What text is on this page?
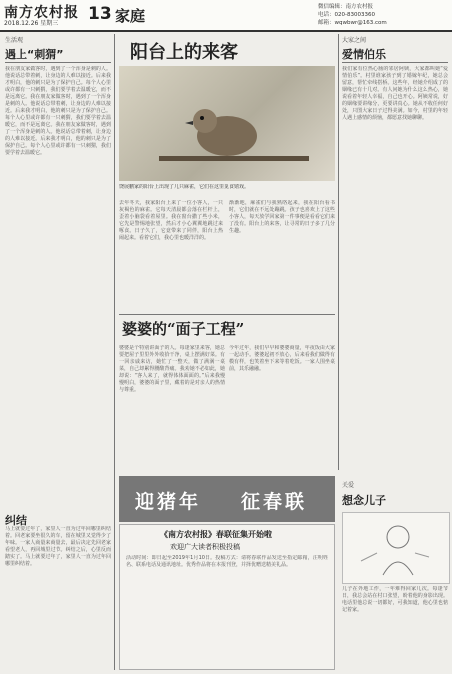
南方农村报
2018.12.26 星期三 13 家庭	微信编辑：南方农村报
电话：020-83003360
邮箱：wqwbwr@163.com
生活观
遇上“刺猬”
我在朋友家做客时，遇到了一个浑身是刺的人。他说话总带着刺，让身边的人难以接近。后来我才明白，他的刺只是为了保护自己。每个人心里或许都有一只刺猬，我们要学着去温暖它，而不是远离它。我在朋友家做客时，遇到了一个浑身是刺的人。他说话总带着刺，让身边的人难以接近。后来我才明白，他的刺只是为了保护自己。每个人心里或许都有一只刺猬，我们要学着去温暖它，而不是远离它。我在朋友家做客时，遇到了一个浑身是刺的人。他说话总带着刺，让身边的人难以接近。后来我才明白，他的刺只是为了保护自己。每个人心里或许都有一只刺猬，我们要学着去温暖它。
纠结
马上就要过年了，家里人一直为过年回哪里纠结着。回老家要坐很久的车，留在城里又觉得少了年味。一家人商量来商量去，最后决定先回老家看望老人，再回城里过节。纠结之后，心里反而踏实了。马上就要过年了，家里人一直为过年回哪里纠结着。
阳台上的来客
饶展鹏家的阳台上出现了几只麻雀，它们在这里觅食嬉戏。
去年冬天，我家阳台上来了一位小客人，一只灰褐色的麻雀。它每天清晨都会落在栏杆上，歪着小脑袋看着屋里。我在窗台撒了些小米，它先是警惕地张望，然后才小心翼翼地跳过来啄食。日子久了，它竟带来了同伴，阳台上热闹起来。看着它们，我心里也暖洋洋的。
渐渐地，麻雀们与我熟络起来，我在阳台看书时，它们就在不远处蹦跳。孩子也喜欢上了这些小客人，每天放学回家第一件事便是看看它们来了没有。阳台上的来客，让寻常的日子多了几分生趣。
婆婆的“面子工程”
婆婆是个特别讲面子的人。每逢家里来客，她总要把屋子里里外外收拾干净，桌上摆满好菜。有一回亲戚来访，她忙了一整天，做了满满一桌菜，自己却累得腰酸背痛。我劝她不必如此，她却说：“客人来了，就得体体面面的。”后来我慢慢明白，婆婆的面子里，藏着的是对亲人的热情与尊重。
今年过年，我们早早和婆婆商量，年夜饭由大家一起动手。婆婆起初不放心，后来看我们做得有模有样，也笑着坐下来等着吃饭。一家人围坐桌前，其乐融融。
大家之间
爱情伯乐
我们家有位热心肠的邻居阿姨，大家都叫她“爱情伯乐”。村里谁家孩子到了婚嫁年纪，她总会留意，帮忙牵线搭桥。这些年，经她介绍成了的姻缘已有十几对。有人问她为什么这么热心，她说看着年轻人幸福，自己也开心。阿姨常说，好的姻缘要讲缘分，更要讲真心。她从不收任何好处，只图大家日子过得美满。如今，村里的年轻人遇上感情的烦恼，都愿意找她聊聊。
迎猪年 征春联
《南方农村报》春联征集开始啦
欢迎广大读者积极投稿
活动时间：即日起至2019年1月10日。投稿方式：请将春联作品发送至指定邮箱，注明姓名、联系电话及通讯地址。优秀作品将在本报刊登，并择优赠送精美礼品。
关爱
想念儿子
儿子在外地工作，一年难得回家几次。每逢节日，我总会站在村口张望，盼着他的身影出现。电话里他总说一切都好，可我知道，他心里也惦记着家。
